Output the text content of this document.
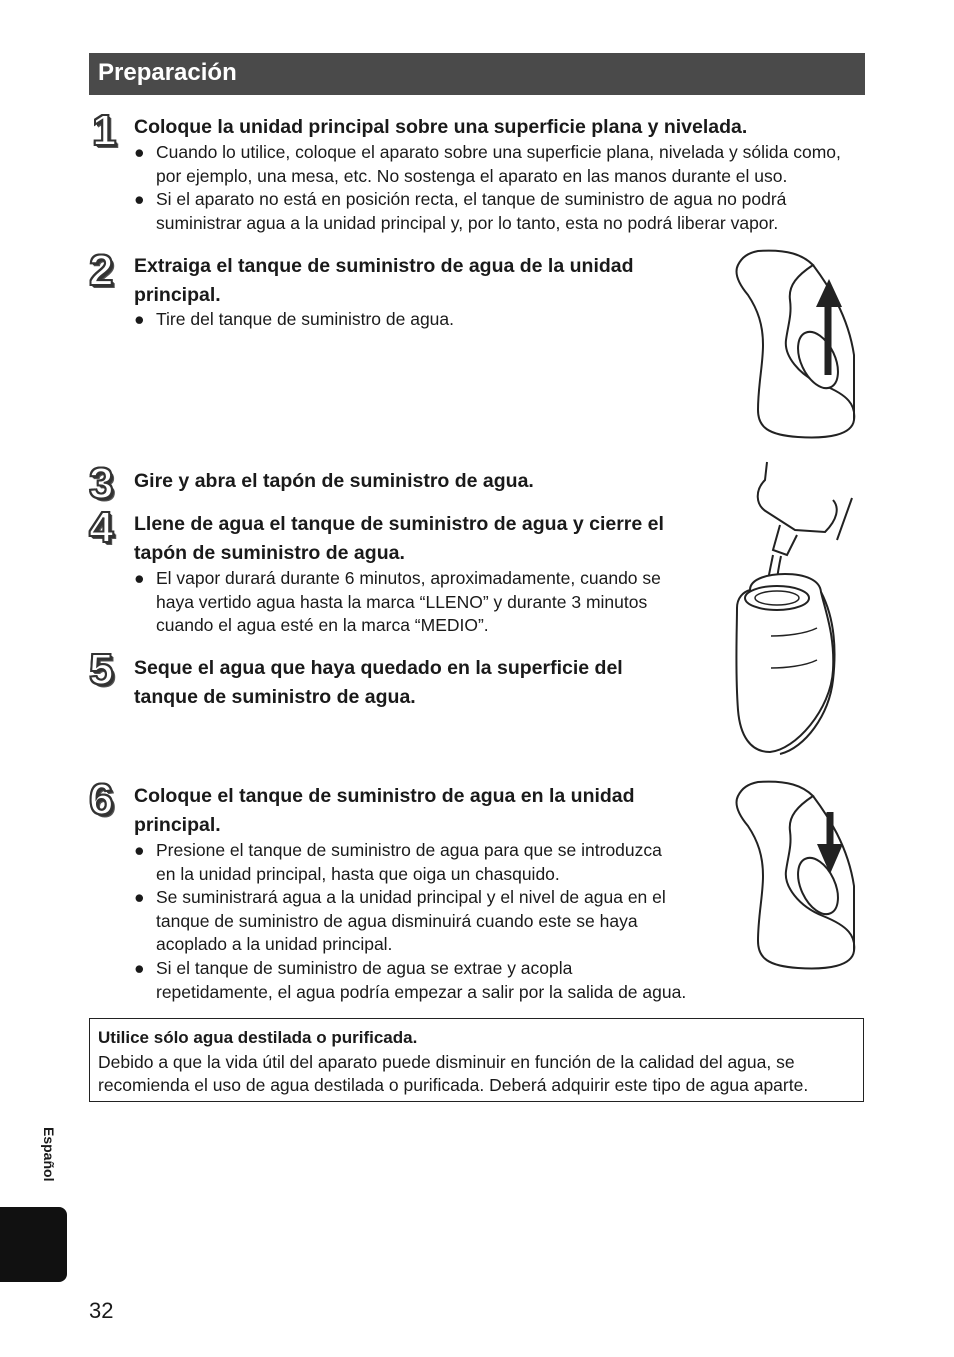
Preparación
1 Coloque la unidad principal sobre una superficie plana y nivelada.
● Cuando lo utilice, coloque el aparato sobre una superficie plana, nivelada y sólida como,
por ejemplo, una mesa, etc. No sostenga el aparato en las manos durante el uso.
● Si el aparato no está en posición recta, el tanque de suministro de agua no podrá
suministrar agua a la unidad principal y, por lo tanto, esta no podrá liberar vapor.
2 Extraiga el tanque de suministro de agua de la unidad
principal.
● Tire del tanque de suministro de agua.
3 Gire y abra el tapón de suministro de agua.
4 Llene de agua el tanque de suministro de agua y cierre el
tapón de suministro de agua.
● El vapor durará durante 6 minutos, aproximadamente, cuando se
haya vertido agua hasta la marca “LLENO” y durante 3 minutos
cuando el agua esté en la marca “MEDIO”.
5 Seque el agua que haya quedado en la superficie del
tanque de suministro de agua.
6 Coloque el tanque de suministro de agua en la unidad
principal.
● Presione el tanque de suministro de agua para que se introduzca
en la unidad principal, hasta que oiga un chasquido.
● Se suministrará agua a la unidad principal y el nivel de agua en el
tanque de suministro de agua disminuirá cuando este se haya
acoplado a la unidad principal.
● Si el tanque de suministro de agua se extrae y acopla
repetidamente, el agua podría empezar a salir por la salida de agua.
Utilice sólo agua destilada o purificada.
Debido a que la vida útil del aparato puede disminuir en función de la calidad del agua, se
recomienda el uso de agua destilada o purificada. Deberá adquirir este tipo de agua aparte.
Español
32
